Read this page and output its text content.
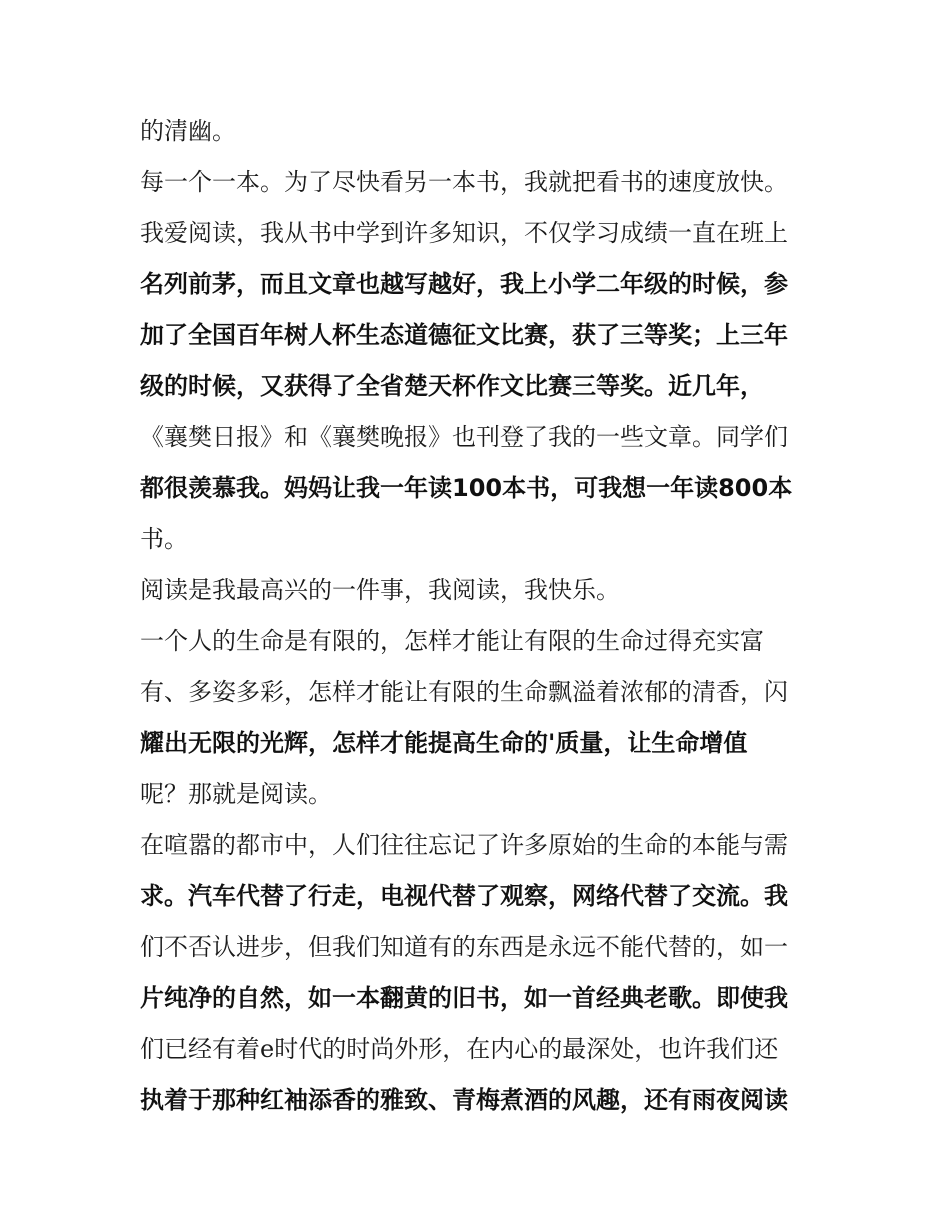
的清幽。
每一个一本。为了尽快看另一本书，我就把看书的速度放快。
我爱阅读，我从书中学到许多知识，不仅学习成绩一直在班上
名列前茅，而且文章也越写越好，我上小学二年级的时候，参
加了全国百年树人杯生态道德征文比赛，获了三等奖；上三年
级的时候，又获得了全省楚天杯作文比赛三等奖。近几年，
《襄樊日报》和《襄樊晚报》也刊登了我的一些文章。同学们
都很羡慕我。妈妈让我一年读100本书，可我想一年读800本
书。
阅读是我最高兴的一件事，我阅读，我快乐。
一个人的生命是有限的，怎样才能让有限的生命过得充实富
有、多姿多彩，怎样才能让有限的生命飘溢着浓郁的清香，闪
耀出无限的光辉，怎样才能提高生命的'质量，让生命增值
呢？那就是阅读。
在喧嚣的都市中，人们往往忘记了许多原始的生命的本能与需
求。汽车代替了行走，电视代替了观察，网络代替了交流。我
们不否认进步，但我们知道有的东西是永远不能代替的，如一
片纯净的自然，如一本翻黄的旧书，如一首经典老歌。即使我
们已经有着e时代的时尚外形，在内心的最深处，也许我们还
执着于那种红袖添香的雅致、青梅煮酒的风趣，还有雨夜阅读
